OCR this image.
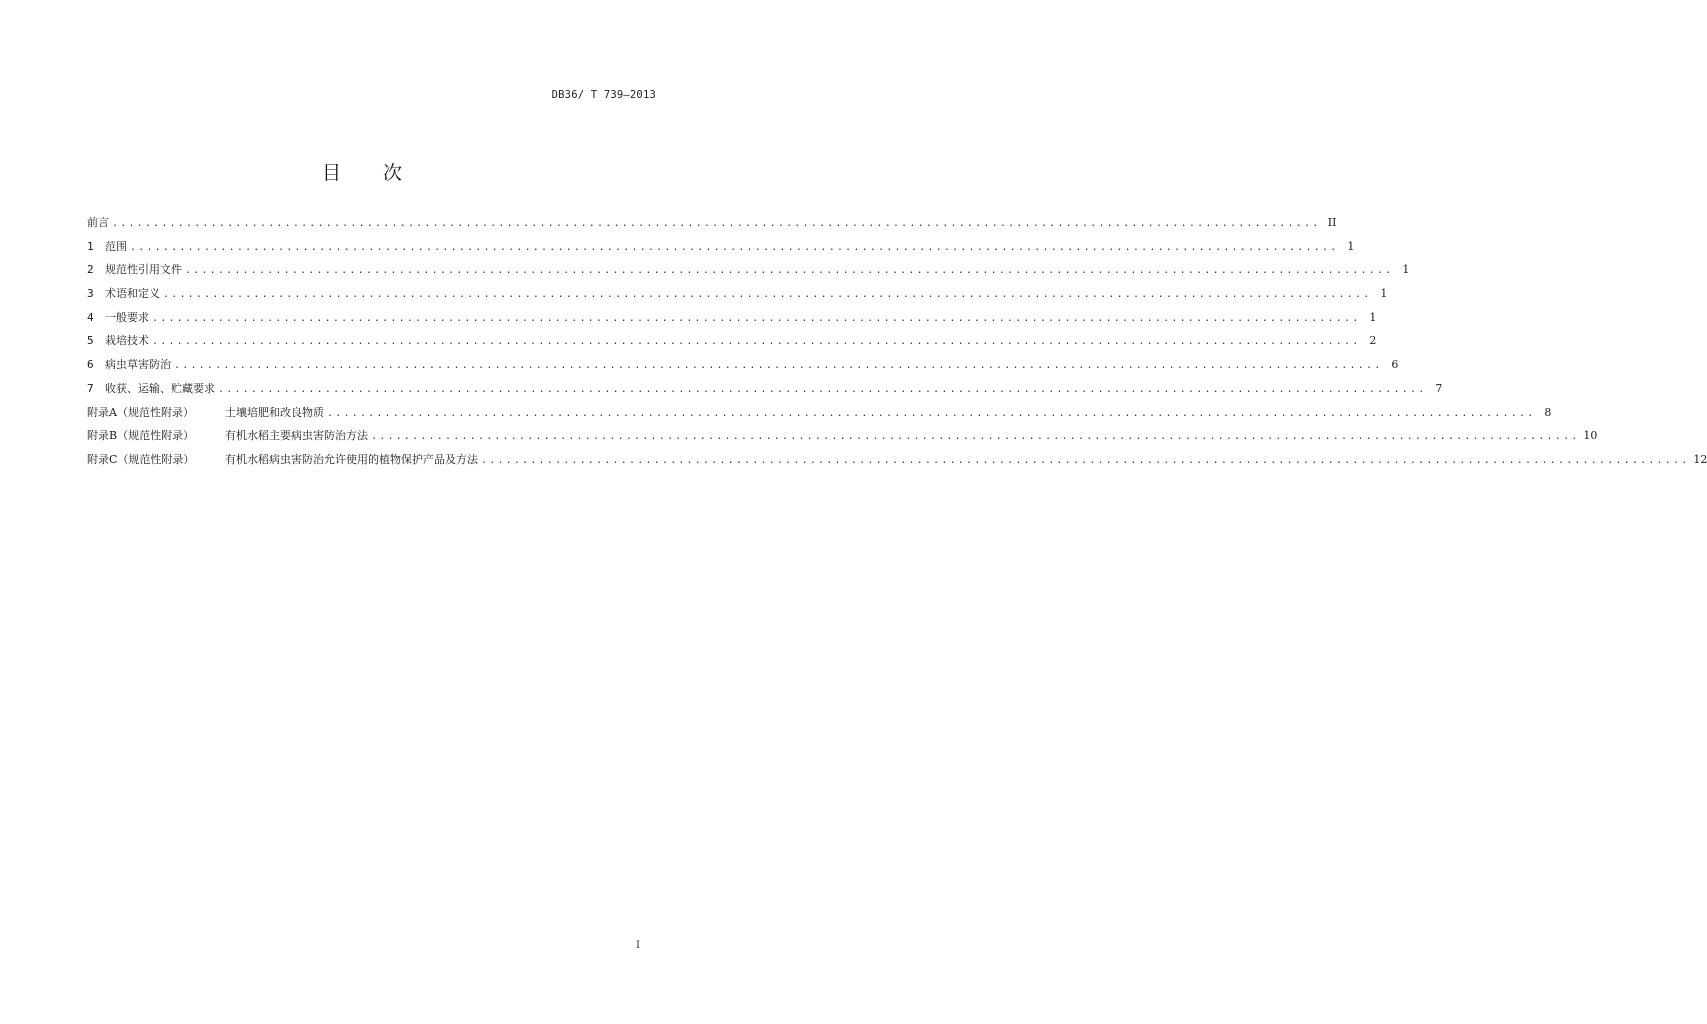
DB36/ T 739—2013
目 次
前言 ................................................................................................................................................... II
1	范围 ................................................................................................................................................... 1
2	规范性引用文件 ................................................................................................................................................... 1
3	术语和定义 ................................................................................................................................................... 1
4	一般要求 ................................................................................................................................................... 1
5	栽培技术 ................................................................................................................................................... 2
6	病虫草害防治 ................................................................................................................................................... 6
7	收获、运输、贮藏要求 ................................................................................................................................................... 7
附录A（规范性附录）	土壤培肥和改良物质 ................................................................................................................................................... 8
附录B（规范性附录）	有机水稻主要病虫害防治方法 ................................................................................................................................................... 10
附录C（规范性附录）	有机水稻病虫害防治允许使用的植物保护产品及方法 ................................................................................................................................................... 12
I
